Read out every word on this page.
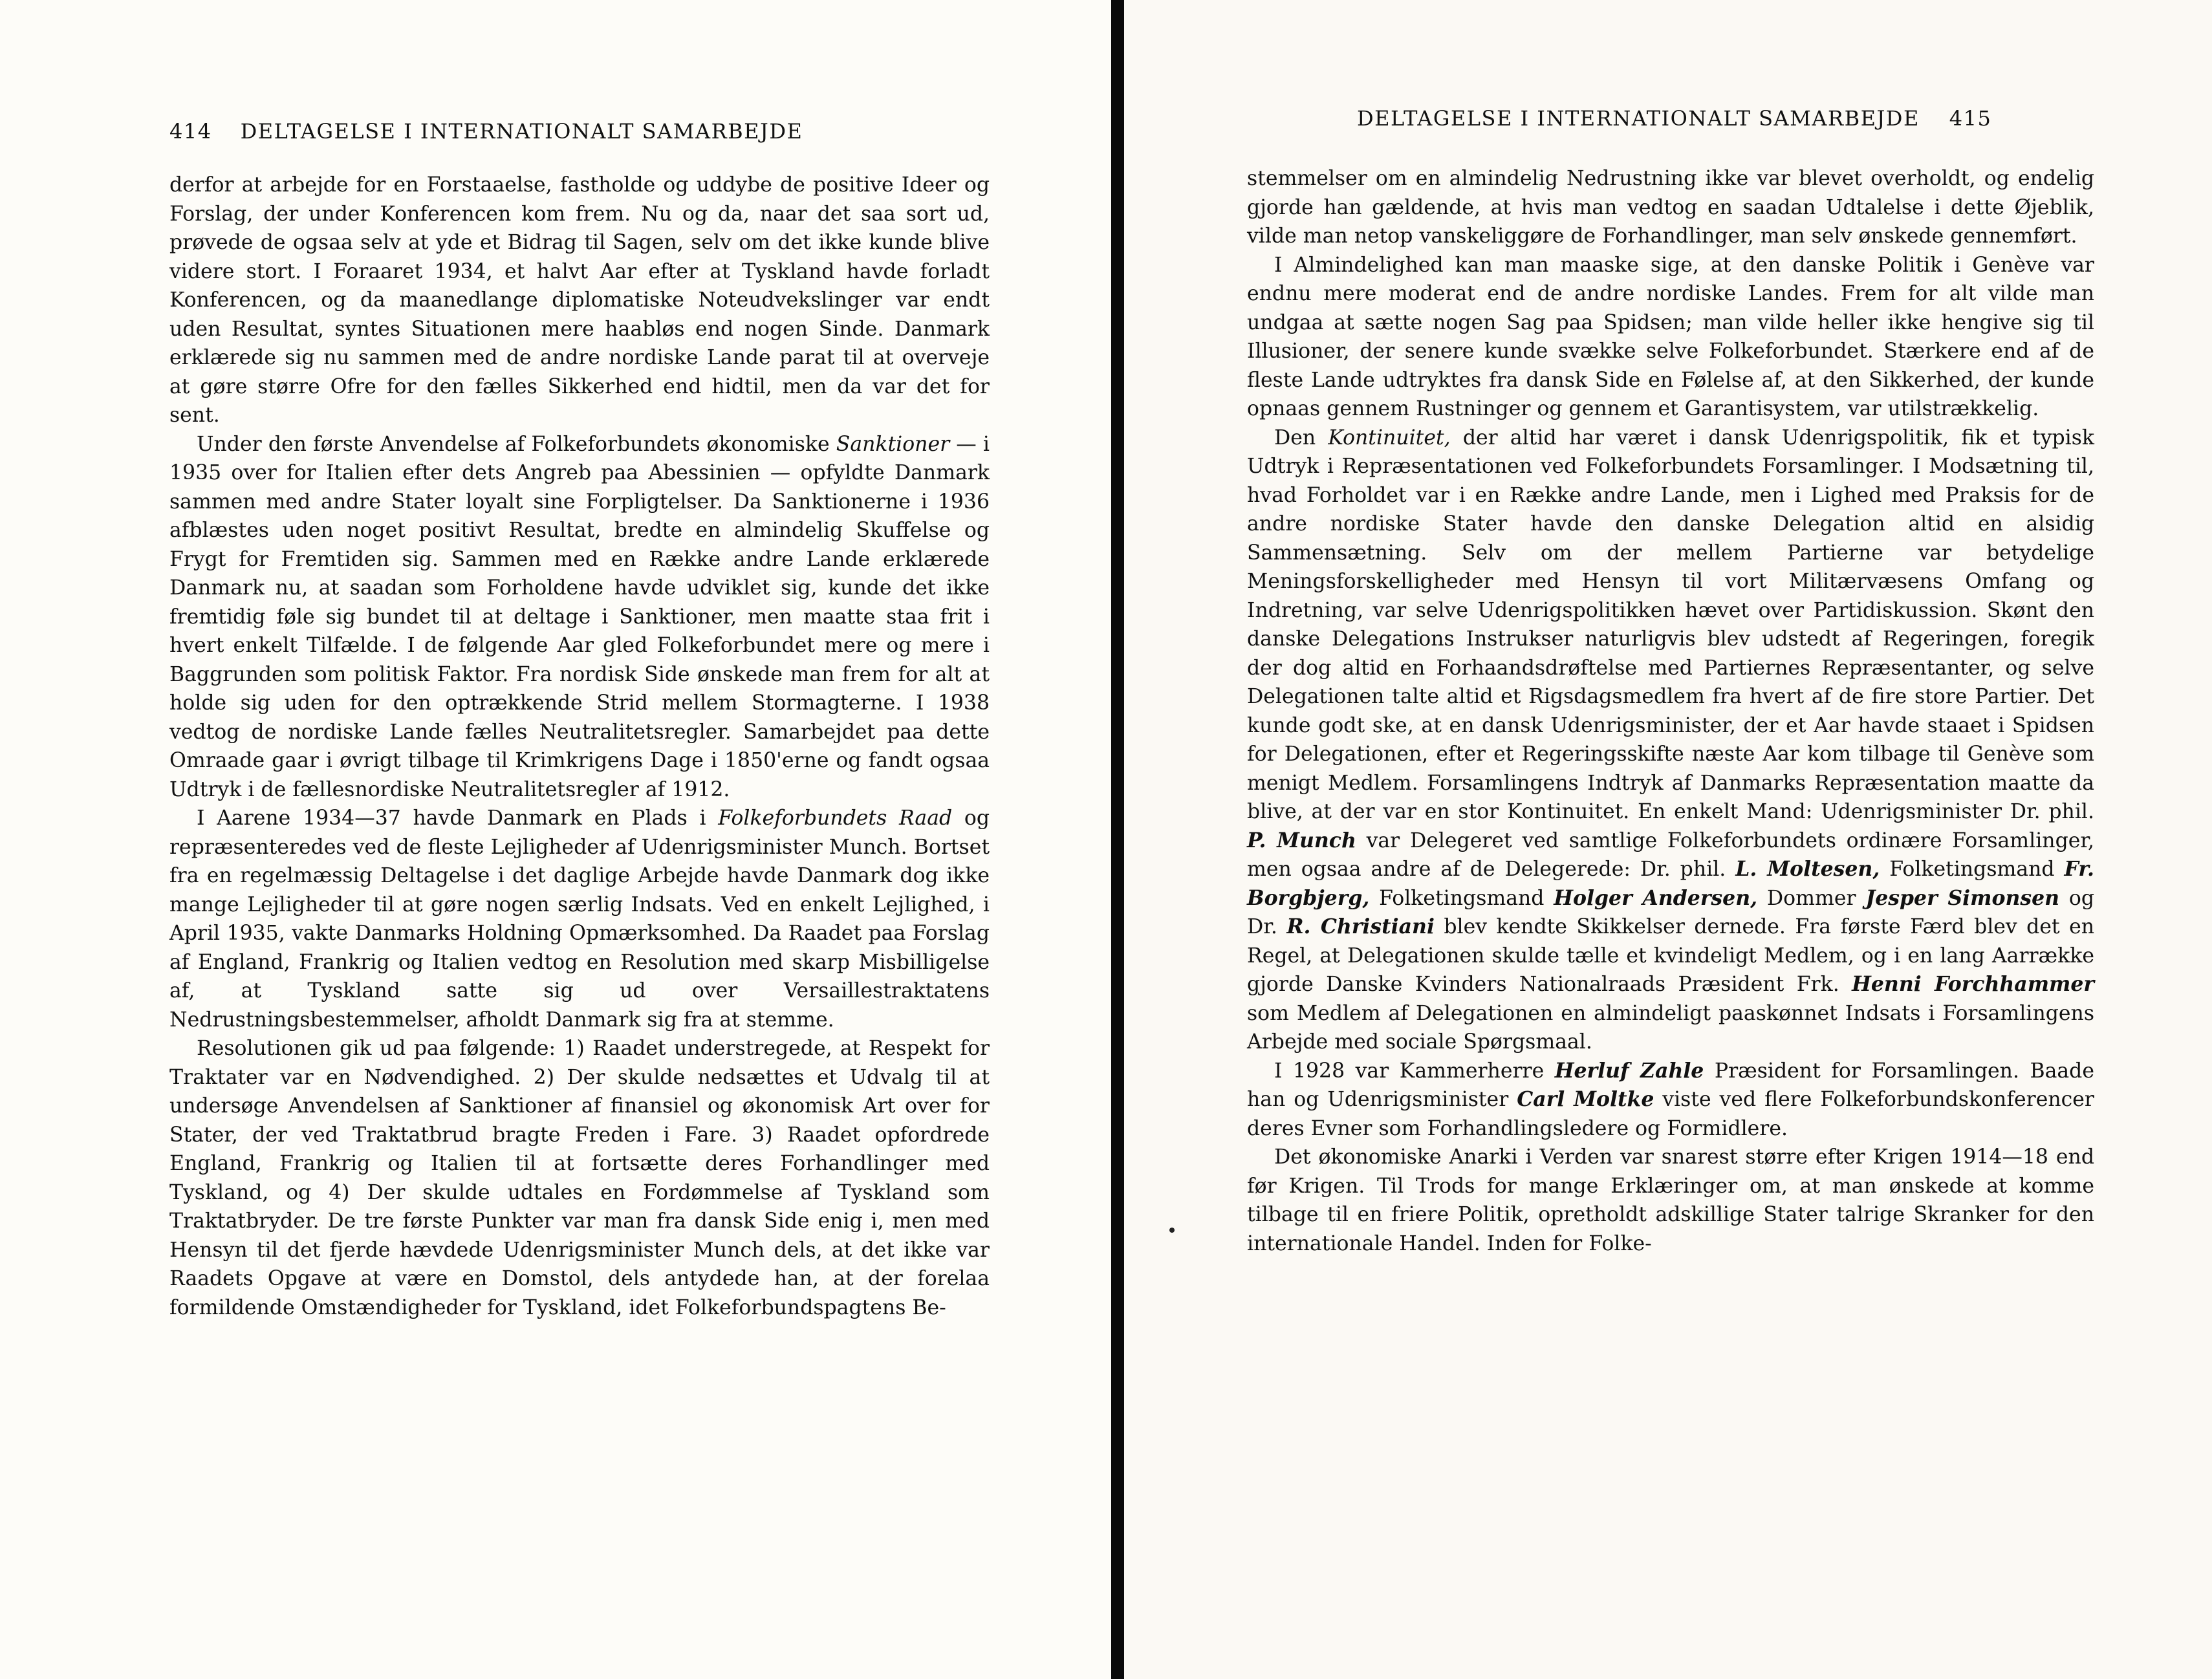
414 DELTAGELSE I INTERNATIONALT SAMARBEJDE

derfor at arbejde for en Forstaaelse, fastholde og uddybe de positive Ideer og Forslag, der under Konferencen kom frem. Nu og da, naar det saa sort ud, prøvede de ogsaa selv at yde et Bidrag til Sagen, selv om det ikke kunde blive videre stort. I Foraaret 1934, et halvt Aar efter at Tyskland havde forladt Konferencen, og da maanedlange diplomatiske Noteudvekslinger var endt uden Resultat, syntes Situationen mere haabløs end nogen Sinde. Danmark erklærede sig nu sammen med de andre nordiske Lande parat til at overveje at gøre større Ofre for den fælles Sikkerhed end hidtil, men da var det for sent.

Under den første Anvendelse af Folkeforbundets økonomiske Sanktioner — i 1935 over for Italien efter dets Angreb paa Abessinien — opfyldte Danmark sammen med andre Stater loyalt sine Forpligtelser. Da Sanktionerne i 1936 afblæstes uden noget positivt Resultat, bredte en almindelig Skuffelse og Frygt for Fremtiden sig. Sammen med en Række andre Lande erklærede Danmark nu, at saadan som Forholdene havde udviklet sig, kunde det ikke fremtidig føle sig bundet til at deltage i Sanktioner, men maatte staa frit i hvert enkelt Tilfælde. I de følgende Aar gled Folkeforbundet mere og mere i Baggrunden som politisk Faktor. Fra nordisk Side ønskede man frem for alt at holde sig uden for den optrækkende Strid mellem Stormagterne. I 1938 vedtog de nordiske Lande fælles Neutralitetsregler. Samarbejdet paa dette Omraade gaar i øvrigt tilbage til Krimkrigens Dage i 1850'erne og fandt ogsaa Udtryk i de fællesnordiske Neutralitetsregler af 1912.

I Aarene 1934—37 havde Danmark en Plads i Folkeforbundets Raad og repræsenteredes ved de fleste Lejligheder af Udenrigsminister Munch. Bortset fra en regelmæssig Deltagelse i det daglige Arbejde havde Danmark dog ikke mange Lejligheder til at gøre nogen særlig Indsats. Ved en enkelt Lejlighed, i April 1935, vakte Danmarks Holdning Opmærksomhed. Da Raadet paa Forslag af England, Frankrig og Italien vedtog en Resolution med skarp Misbilligelse af, at Tyskland satte sig ud over Versaillestraktatens Nedrustningsbestemmelser, afholdt Danmark sig fra at stemme.

Resolutionen gik ud paa følgende: 1) Raadet understregede, at Respekt for Traktater var en Nødvendighed. 2) Der skulde nedsættes et Udvalg til at undersøge Anvendelsen af Sanktioner af finansiel og økonomisk Art over for Stater, der ved Traktatbrud bragte Freden i Fare. 3) Raadet opfordrede England, Frankrig og Italien til at fortsætte deres Forhandlinger med Tyskland, og 4) Der skulde udtales en Fordømmelse af Tyskland som Traktatbryder. De tre første Punkter var man fra dansk Side enig i, men med Hensyn til det fjerde hævdede Udenrigsminister Munch dels, at det ikke var Raadets Opgave at være en Domstol, dels antydede han, at der forelaa formildende Omstændigheder for Tyskland, idet Folkeforbundspagtens Be-

DELTAGELSE I INTERNATIONALT SAMARBEJDE 415

stemmelser om en almindelig Nedrustning ikke var blevet overholdt, og endelig gjorde han gældende, at hvis man vedtog en saadan Udtalelse i dette Øjeblik, vilde man netop vanskeliggøre de Forhandlinger, man selv ønskede gennemført.

I Almindelighed kan man maaske sige, at den danske Politik i Genève var endnu mere moderat end de andre nordiske Landes. Frem for alt vilde man undgaa at sætte nogen Sag paa Spidsen; man vilde heller ikke hengive sig til Illusioner, der senere kunde svække selve Folkeforbundet. Stærkere end af de fleste Lande udtryktes fra dansk Side en Følelse af, at den Sikkerhed, der kunde opnaas gennem Rustninger og gennem et Garantisystem, var utilstrækkelig.

Den Kontinuitet, der altid har været i dansk Udenrigspolitik, fik et typisk Udtryk i Repræsentationen ved Folkeforbundets Forsamlinger. I Modsætning til, hvad Forholdet var i en Række andre Lande, men i Lighed med Praksis for de andre nordiske Stater havde den danske Delegation altid en alsidig Sammensætning. Selv om der mellem Partierne var betydelige Meningsforskelligheder med Hensyn til vort Militærvæsens Omfang og Indretning, var selve Udenrigspolitikken hævet over Partidiskussion. Skønt den danske Delegations Instrukser naturligvis blev udstedt af Regeringen, foregik der dog altid en Forhaandsdrøftelse med Partiernes Repræsentanter, og selve Delegationen talte altid et Rigsdagsmedlem fra hvert af de fire store Partier. Det kunde godt ske, at en dansk Udenrigsminister, der et Aar havde staaet i Spidsen for Delegationen, efter et Regeringsskifte næste Aar kom tilbage til Genève som menigt Medlem. Forsamlingens Indtryk af Danmarks Repræsentation maatte da blive, at der var en stor Kontinuitet. En enkelt Mand: Udenrigsminister Dr. phil. P. Munch var Delegeret ved samtlige Folkeforbundets ordinære Forsamlinger, men ogsaa andre af de Delegerede: Dr. phil. L. Moltesen, Folketingsmand Fr. Borgbjerg, Folketingsmand Holger Andersen, Dommer Jesper Simonsen og Dr. R. Christiani blev kendte Skikkelser dernede. Fra første Færd blev det en Regel, at Delegationen skulde tælle et kvindeligt Medlem, og i en lang Aarrække gjorde Danske Kvinders Nationalraads Præsident Frk. Henni Forchhammer som Medlem af Delegationen en almindeligt paaskønnet Indsats i Forsamlingens Arbejde med sociale Spørgsmaal.

I 1928 var Kammerherre Herluf Zahle Præsident for Forsamlingen. Baade han og Udenrigsminister Carl Moltke viste ved flere Folkeforbundskonferencer deres Evner som Forhandlingsledere og Formidlere.

Det økonomiske Anarki i Verden var snarest større efter Krigen 1914—18 end før Krigen. Til Trods for mange Erklæringer om, at man ønskede at komme tilbage til en friere Politik, opretholdt adskillige Stater talrige Skranker for den internationale Handel. Inden for Folke-
